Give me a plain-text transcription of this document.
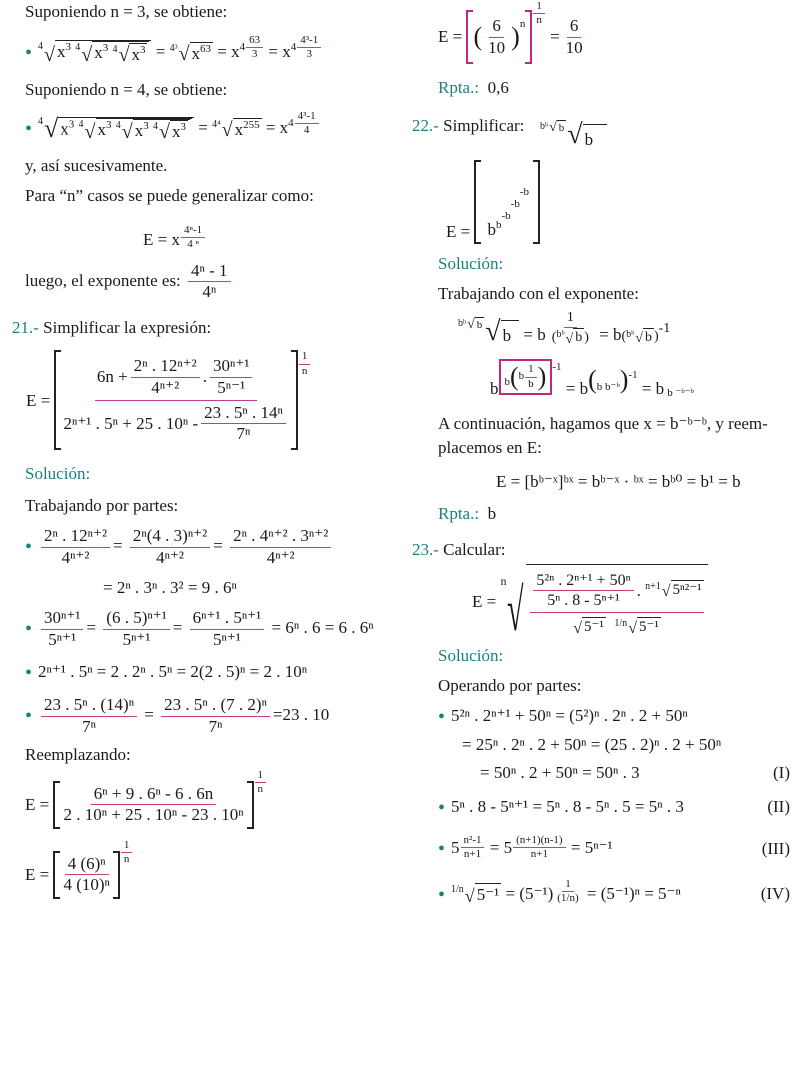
Suponiendo n = 3, se obtiene:
• 4 √ $x^3$ 4 √ $x^3$ 4 √ $x^3 = 4^3$ √ $x^{63} = x^4 \frac{63}{3} = x^4 \frac{\text{4³-1}}{3}$
Suponiendo n = 4, se obtiene:
• 4 √ $x^3$ 4 √ $x^3$ 4 √ $x^3$ 4 √ $x^3 = 4^4$ √ $x^{255} = x^4 \frac{\text{4³-1}}{4}$
y, así sucesivamente.
Para “n” casos se puede generalizar como:
E = x $\frac{\text{4ⁿ-1}}{\text{4 ⁿ}}$
luego, el exponente es: $\frac{\text{4ⁿ - 1}}{\text{4ⁿ}}$
21.- Simplificar la expresión:
E =

$6n + \frac{\text{2ⁿ . 12ⁿ⁺²}}{\text{4ⁿ⁺²}}$ .
30ⁿ⁺¹
5ⁿ⁻¹
2ⁿ⁺¹ . 5ⁿ + 25 . 10ⁿ -
23 . 5ⁿ . 14ⁿ
7ⁿ
1
n
Solución:
Trabajando por partes:
• $\frac{\text{2ⁿ . 12ⁿ⁺²}}{\text{4ⁿ⁺²}} = \frac{\text{2ⁿ(4 . 3)ⁿ⁺²}}{\text{4ⁿ⁺²}} = \frac{\text{2ⁿ . 4ⁿ⁺² . 3ⁿ⁺²}}{\text{4ⁿ⁺²}}$
= 2ⁿ . 3ⁿ . 3² = 9 . 6ⁿ
• $\frac{\text{30ⁿ⁺¹}}{\text{5ⁿ⁺¹}} = \frac{\text{(6 . 5)ⁿ⁺¹}}{\text{5ⁿ⁺¹}} = \frac{\text{6ⁿ⁺¹ . 5ⁿ⁺¹}}{\text{5ⁿ⁺¹}} = 6^n$ . 6 = 6 . 6ⁿ
• 2ⁿ⁺¹ . 5ⁿ = 2 . 2ⁿ . 5ⁿ = 2(2 . 5)ⁿ = 2 . 10ⁿ
• $\frac{\text{23 . 5ⁿ . (14)ⁿ}}{\text{7ⁿ}} = \frac{\text{23 . 5ⁿ . (7 . 2)ⁿ}}{\text{7ⁿ}} =23$ . 10
Reemplazando:
E =

6ⁿ + 9 . 6ⁿ - 6 . 6n
2 . 10ⁿ + 25 . 10ⁿ - 23 . 10ⁿ
1
n
E =

4 (6)ⁿ
4 (10)ⁿ
1
n
E =
( 6
10 ) n $\frac{1}{n}$

= $\frac{6}{10}$
Rpta.: 0,6
22.- Simplificar:
E =
	$b^b-b-b-b$
bᵇ √ b √ b
Solución:
Trabajando con el exponente:
bᵇ √ b √ b
= b $\frac{1}{\text{( bᵇ √ b )}}$
= b ( bᵇ √ b )-1
b b ( b
1
b ) -1

= b ( b b⁻ᵇ ) -1

= b b ⁻ᵇ⁻ᵇ
A continuación, hagamos que x = b⁻ᵇ⁻ᵇ, y reem-
placemos en E:
E = [bᵇ⁻ˣ]ᵇˣ = bᵇ⁻ˣ · ᵇˣ = bᵇ⁰ = b¹ = b
Rpta.: b
23.- Calcular:
E =

n √ 5²ⁿ . 2ⁿ⁺¹ + 50ⁿ
5ⁿ . 8 - 5ⁿ⁺¹
.
n+1 √ 5ⁿ²⁻¹
√ 5⁻¹
1/n √ 5⁻¹
Solución:
Operando por partes:
• 5²ⁿ . 2ⁿ⁺¹ + 50ⁿ = (5²)ⁿ . 2ⁿ . 2 + 50ⁿ
= 25ⁿ . 2ⁿ . 2 + 50ⁿ = (25 . 2)ⁿ . 2 + 50ⁿ
= 50ⁿ . 2 + 50ⁿ = 50ⁿ . 3	(I)
• 5ⁿ . 8 - 5ⁿ⁺¹ = 5ⁿ . 8 - 5ⁿ . 5 = 5ⁿ . 3	(II)
• $5 \frac{\text{n²-1}}{n+1} = 5 \frac{(n+1)(n-1)}{n+1} = 5^{n-1}$	(III)
• 1/n √ $5^{-1} = (5^{-1}) \frac{1}{(1/n)} = (5^{-1})^n = 5^{-n}$	(IV)
